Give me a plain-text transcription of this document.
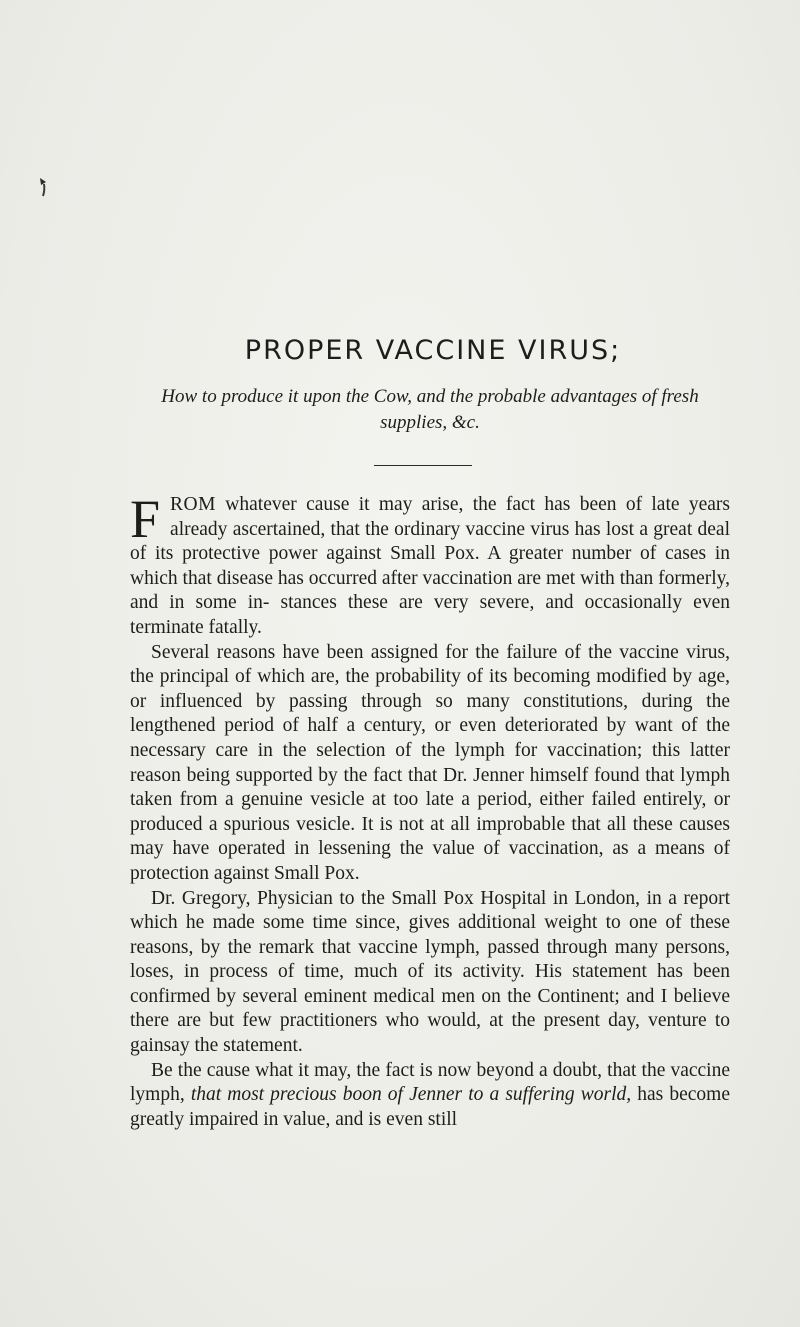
PROPER VACCINE VIRUS;

How to produce it upon the Cow, and the probable advantages of fresh supplies, &c.

FROM whatever cause it may arise, the fact has been of late years already ascertained, that the ordinary vaccine virus has lost a great deal of its protective power against Small Pox. A greater number of cases in which that disease has occurred after vaccination are met with than formerly, and in some in- stances these are very severe, and occasionally even terminate fatally.

Several reasons have been assigned for the failure of the vaccine virus, the principal of which are, the probability of its becoming modified by age, or influenced by passing through so many constitutions, during the lengthened period of half a century, or even deteriorated by want of the necessary care in the selection of the lymph for vaccination; this latter reason being supported by the fact that Dr. Jenner himself found that lymph taken from a genuine vesicle at too late a period, either failed entirely, or produced a spurious vesicle. It is not at all improbable that all these causes may have operated in lessening the value of vaccination, as a means of protection against Small Pox.

Dr. Gregory, Physician to the Small Pox Hospital in London, in a report which he made some time since, gives additional weight to one of these reasons, by the remark that vaccine lymph, passed through many persons, loses, in process of time, much of its activity. His statement has been confirmed by several eminent medical men on the Continent; and I believe there are but few practitioners who would, at the present day, venture to gainsay the statement.

Be the cause what it may, the fact is now beyond a doubt, that the vaccine lymph, that most precious boon of Jenner to a suffering world, has become greatly impaired in value, and is even still
